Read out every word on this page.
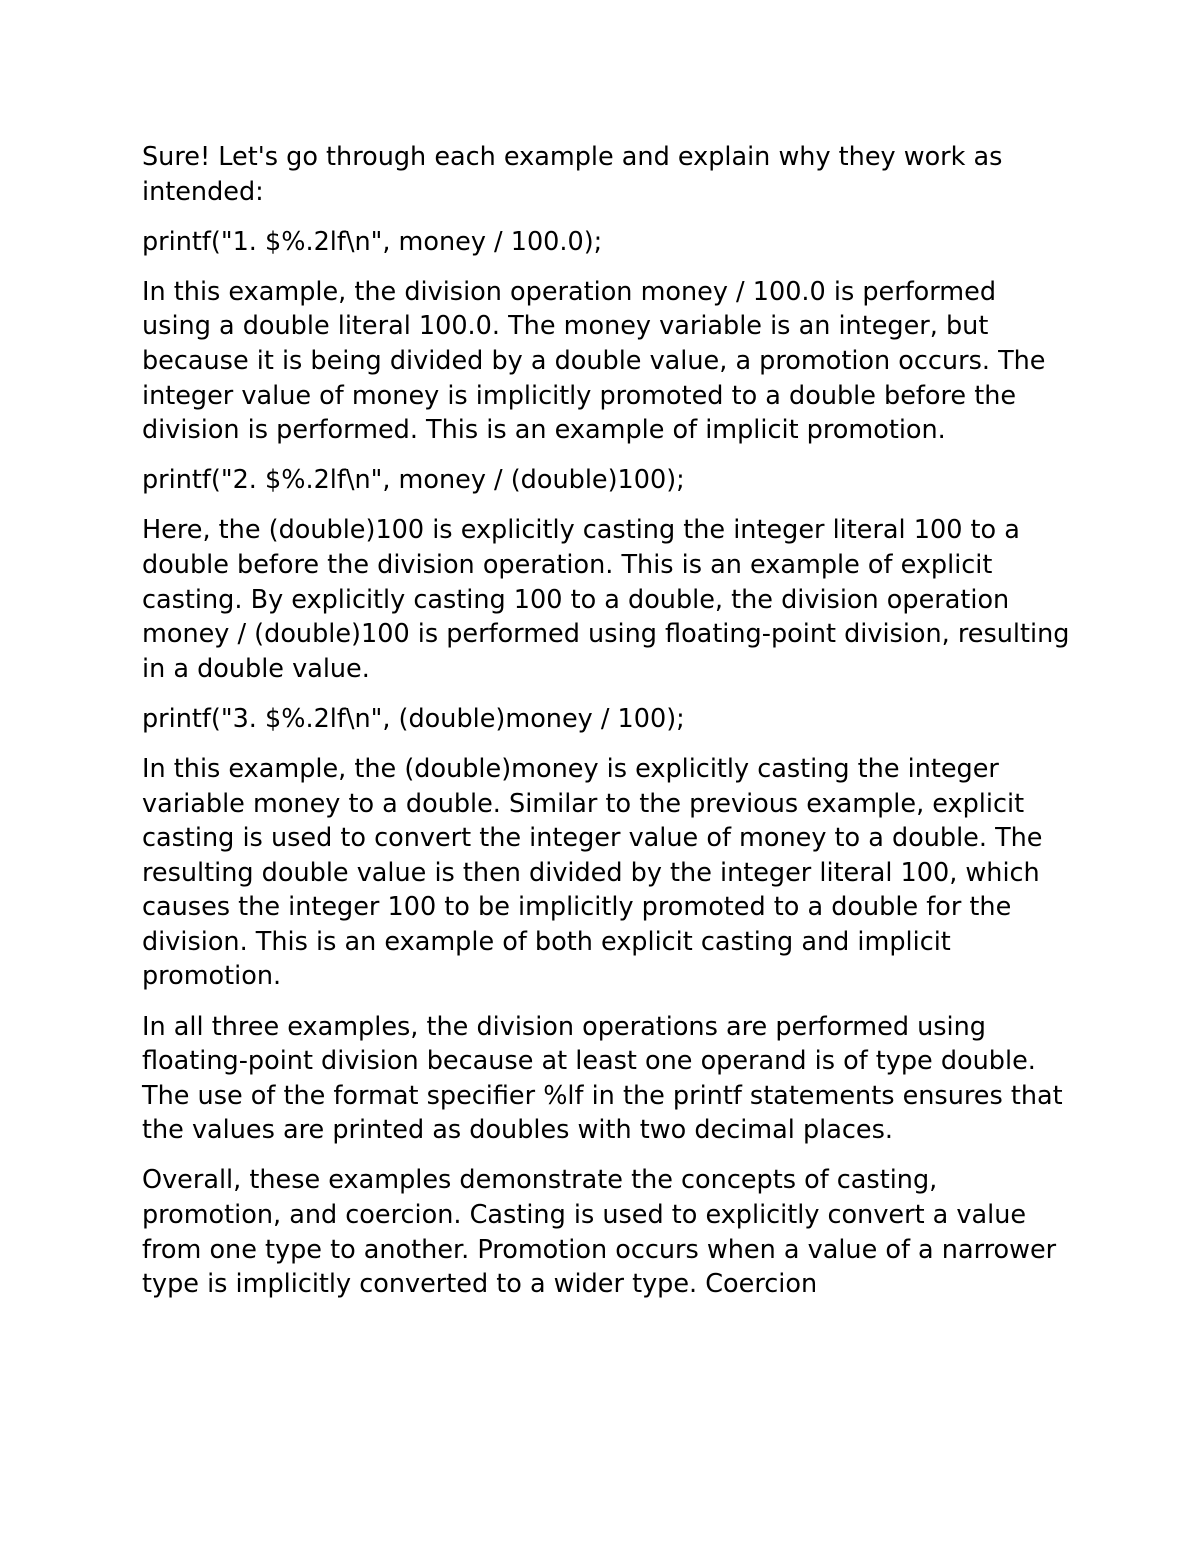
Sure! Let's go through each example and explain why they work as intended:

printf("1. $%.2lf\n", money / 100.0);

In this example, the division operation money / 100.0 is performed using a double literal 100.0. The money variable is an integer, but because it is being divided by a double value, a promotion occurs. The integer value of money is implicitly promoted to a double before the division is performed. This is an example of implicit promotion.

printf("2. $%.2lf\n", money / (double)100);

Here, the (double)100 is explicitly casting the integer literal 100 to a double before the division operation. This is an example of explicit casting. By explicitly casting 100 to a double, the division operation money / (double)100 is performed using floating-point division, resulting in a double value.

printf("3. $%.2lf\n", (double)money / 100);

In this example, the (double)money is explicitly casting the integer variable money to a double. Similar to the previous example, explicit casting is used to convert the integer value of money to a double. The resulting double value is then divided by the integer literal 100, which causes the integer 100 to be implicitly promoted to a double for the division. This is an example of both explicit casting and implicit promotion.

In all three examples, the division operations are performed using floating-point division because at least one operand is of type double. The use of the format specifier %lf in the printf statements ensures that the values are printed as doubles with two decimal places.

Overall, these examples demonstrate the concepts of casting, promotion, and coercion. Casting is used to explicitly convert a value from one type to another. Promotion occurs when a value of a narrower type is implicitly converted to a wider type. Coercion
